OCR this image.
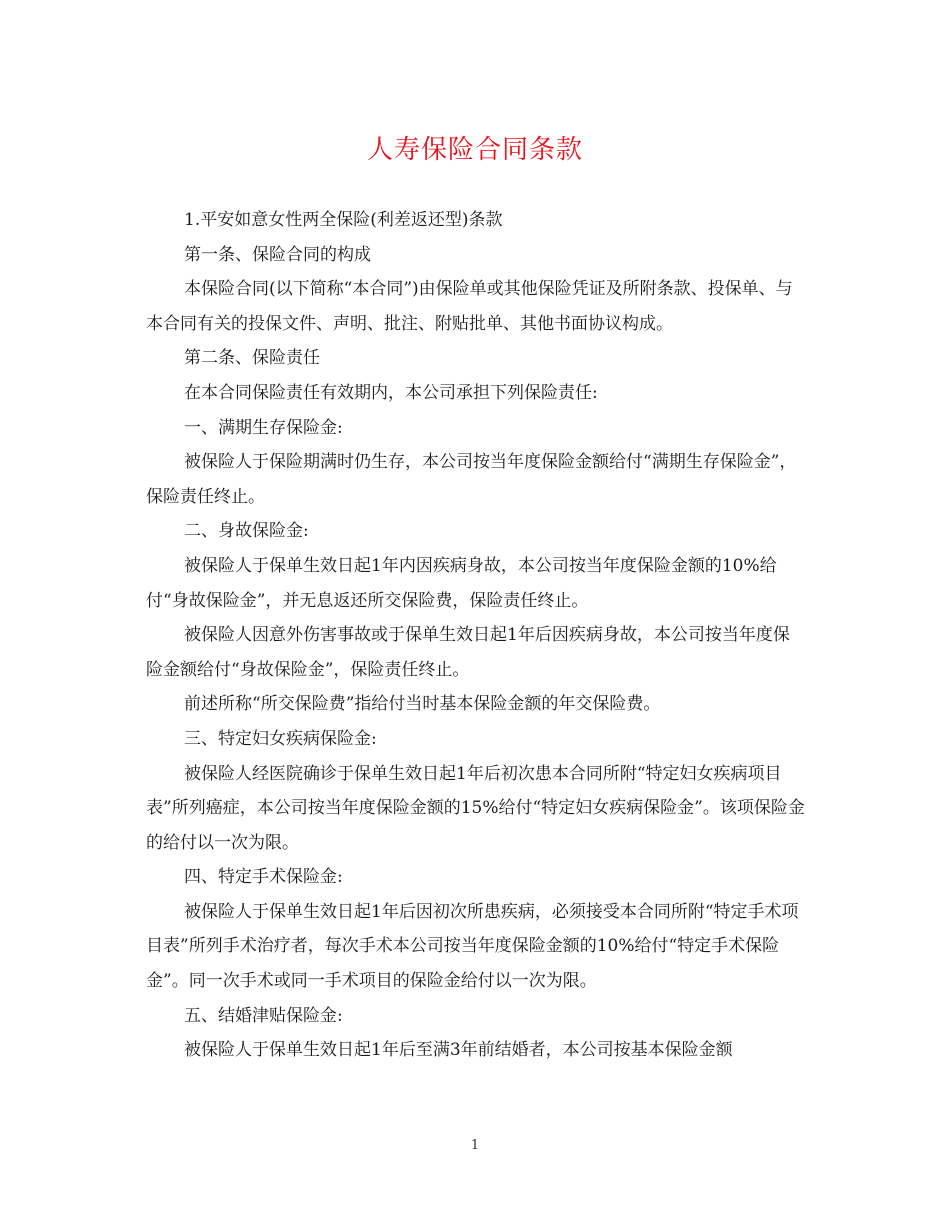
人寿保险合同条款

1.平安如意女性两全保险(利差返还型)条款

第一条、保险合同的构成

本保险合同(以下简称“本合同”)由保险单或其他保险凭证及所附条款、投保单、与本合同有关的投保文件、声明、批注、附贴批单、其他书面协议构成。

第二条、保险责任

在本合同保险责任有效期内，本公司承担下列保险责任:

一、满期生存保险金:

被保险人于保险期满时仍生存，本公司按当年度保险金额给付“满期生存保险金”，保险责任终止。

二、身故保险金:

被保险人于保单生效日起1年内因疾病身故，本公司按当年度保险金额的10%给付“身故保险金”，并无息返还所交保险费，保险责任终止。

被保险人因意外伤害事故或于保单生效日起1年后因疾病身故，本公司按当年度保险金额给付“身故保险金”，保险责任终止。

前述所称“所交保险费”指给付当时基本保险金额的年交保险费。

三、特定妇女疾病保险金:

被保险人经医院确诊于保单生效日起1年后初次患本合同所附“特定妇女疾病项目表”所列癌症，本公司按当年度保险金额的15%给付“特定妇女疾病保险金”。该项保险金的给付以一次为限。

四、特定手术保险金:

被保险人于保单生效日起1年后因初次所患疾病，必须接受本合同所附“特定手术项目表”所列手术治疗者，每次手术本公司按当年度保险金额的10%给付“特定手术保险金”。同一次手术或同一手术项目的保险金给付以一次为限。

五、结婚津贴保险金:

被保险人于保单生效日起1年后至满3年前结婚者，本公司按基本保险金额

1
